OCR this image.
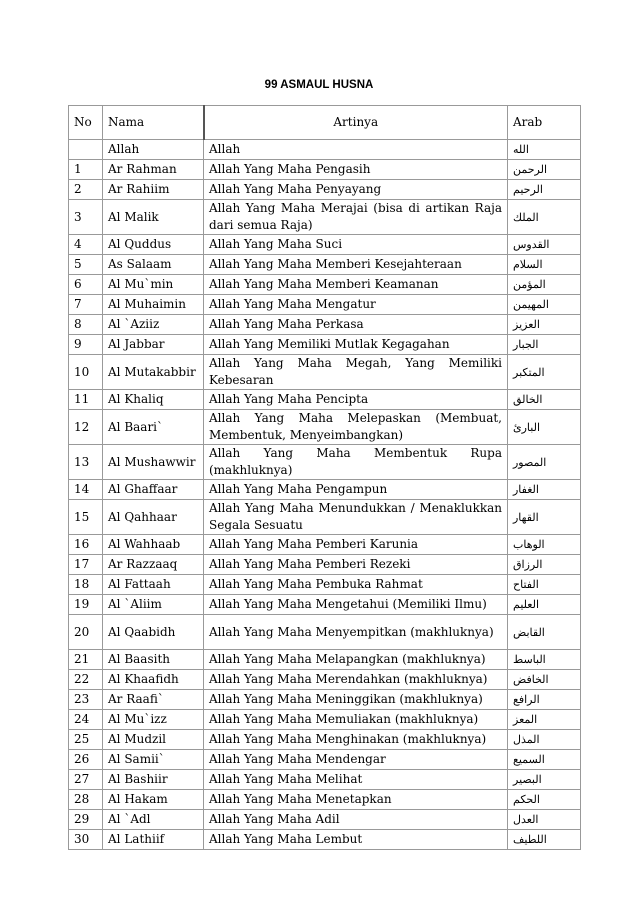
99 ASMAUL HUSNA
No	Nama	Artinya	Arab
	Allah	Allah	الله
1	Ar Rahman	Allah Yang Maha Pengasih	الرحمن
2	Ar Rahiim	Allah Yang Maha Penyayang	الرحيم
3	Al Malik	Allah Yang Maha Merajai (bisa di artikan Raja dari semua Raja)	الملك
4	Al Quddus	Allah Yang Maha Suci	القدوس
5	As Salaam	Allah Yang Maha Memberi Kesejahteraan	السلام
6	Al Mu`min	Allah Yang Maha Memberi Keamanan	المؤمن
7	Al Muhaimin	Allah Yang Maha Mengatur	المهيمن
8	Al `Aziiz	Allah Yang Maha Perkasa	العزيز
9	Al Jabbar	Allah Yang Memiliki Mutlak Kegagahan	الجبار
10	Al Mutakabbir	Allah Yang Maha Megah, Yang Memiliki Kebesaran	المتكبر
11	Al Khaliq	Allah Yang Maha Pencipta	الخالق
12	Al Baari`	Allah Yang Maha Melepaskan (Membuat, Membentuk, Menyeimbangkan)	البارئ
13	Al Mushawwir	Allah Yang Maha Membentuk Rupa (makhluknya)	المصور
14	Al Ghaffaar	Allah Yang Maha Pengampun	الغفار
15	Al Qahhaar	Allah Yang Maha Menundukkan / Menaklukkan Segala Sesuatu	القهار
16	Al Wahhaab	Allah Yang Maha Pemberi Karunia	الوهاب
17	Ar Razzaaq	Allah Yang Maha Pemberi Rezeki	الرزاق
18	Al Fattaah	Allah Yang Maha Pembuka Rahmat	الفتاح
19	Al `Aliim	Allah Yang Maha Mengetahui (Memiliki Ilmu)	العليم
20	Al Qaabidh	Allah Yang Maha Menyempitkan (makhluknya)	القابض
21	Al Baasith	Allah Yang Maha Melapangkan (makhluknya)	الباسط
22	Al Khaafidh	Allah Yang Maha Merendahkan (makhluknya)	الخافض
23	Ar Raafi`	Allah Yang Maha Meninggikan (makhluknya)	الرافع
24	Al Mu`izz	Allah Yang Maha Memuliakan (makhluknya)	المعز
25	Al Mudzil	Allah Yang Maha Menghinakan (makhluknya)	المذل
26	Al Samii`	Allah Yang Maha Mendengar	السميع
27	Al Bashiir	Allah Yang Maha Melihat	البصير
28	Al Hakam	Allah Yang Maha Menetapkan	الحكم
29	Al `Adl	Allah Yang Maha Adil	العدل
30	Al Lathiif	Allah Yang Maha Lembut	اللطيف
